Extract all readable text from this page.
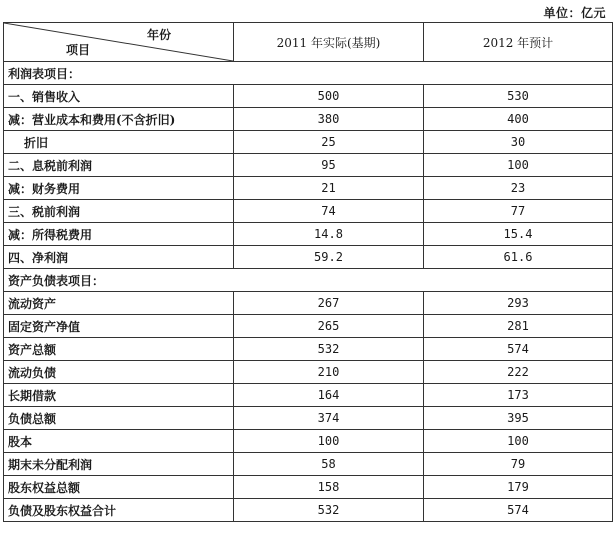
单位：亿元
年份
项目	2011 年实际(基期)	2012 年预计
利润表项目：		
一、销售收入	500	530
减：营业成本和费用(不含折旧)	380	400
折旧	25	30
二、息税前利润	95	100
减：财务费用	21	23
三、税前利润	74	77
减：所得税费用	14.8	15.4
四、净利润	59.2	61.6
资产负债表项目：		
流动资产	267	293
固定资产净值	265	281
资产总额	532	574
流动负债	210	222
长期借款	164	173
负债总额	374	395
股本	100	100
期末未分配利润	58	79
股东权益总额	158	179
负债及股东权益合计	532	574
